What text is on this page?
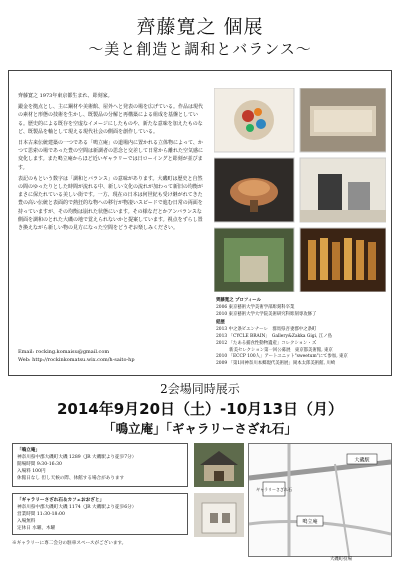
齊藤寛之 個展
～美と創造と調和とバランス～

齊藤寛之 1973年東京都生まれ、彫刻家。

鍛金を拠点とし、主に鋼材や美術館、屋外へと発表の場を広げている。作品は現代の素材と形態の技術を生かし、既製品の分解と再構築による組成を基盤としている。歴史的による既存を空虚なイメージにしたものや、新たな意味を加えたものなど、既製品を軸として現える現代社会の側面を創作している。

日本古来伝統建築の一つである「鳴立庵」の道場内に置かれる立体物によって、かつて思索の場であった豊の空間は新調者の思念と交差して日常から離れた空気感に変化します。また鳴立庵からほど近いギャラリーでは日ローイングと彫刻が並びます。

表記のもという数字は「調和とバランス」の意味があります。大磯町は歴史と自然の間のゆったりとした時間が流れる中、新しい文化の流れが加わって新旧の均衡がまさに保たれている美しい街です。一方、現在の日本は何世紀も受け継がれてきた豊の高い伝統と表面的で熱狂的な物への移行が物凄いスピードで進む日常の両面を持っていますが、その均衡は崩れた状態にいます。その様なだとかアンバランスな側面を調和のとれた大磯の地で覚えられないかと提案しています。視点をずらし置き換えながら新しい物の見方になった空間をどうぞお楽しみください。

Email: rocking.komaisu@gmail.com
Web: http://rockinkomatsu.wix.com/h-saito-hp
齊藤寛之 プロフィール
2006 東京藝術大学美術学部彫刻科卒業
2010 東京藝術大学大学院美術研究科彫刻専攻修了
経歴
2013 中之条ビエンナーレ　群馬県吾妻郡中之条町
2013 「CYCLE BRAIN」　Gallery&Zakka Gigi, 江ノ島
2012 「たある捕食性動物遺産」コレクション・ズ
　　　新美セレクション第一回公募展　東京都美術館, 東京
2010 「ECCP 100人」アートユニット"sweetum"にて参加, 東京
2009 「第1回神奈川本郷現代美術展」岡本太郎美術館, 川崎
2会場同時展示
2014年9月20日（土）-10月13日（月）
「鳴立庵」「ギャラリーさざれ石」
「鳴立庵」
神奈川県中郡大磯町大磯 1289（JR 大磯駅より徒歩7分）
開場時間 9:30-16:30
入場料 100円
休館日なし 但し天候の際、休館する場合があります
「ギャラリーさざれ石＆カフェおおざと」
神奈川県中郡大磯町大磯 1174（JR 大磯駅より徒歩6分）
営業時間 11:30-18:00
入場無料
定休日 水曜、木曜
※ギャラリーに専二会分の駐車スペースがございます。
大磯駅
ギャラリーさざれ石
鳴立庵
大磯町役場
